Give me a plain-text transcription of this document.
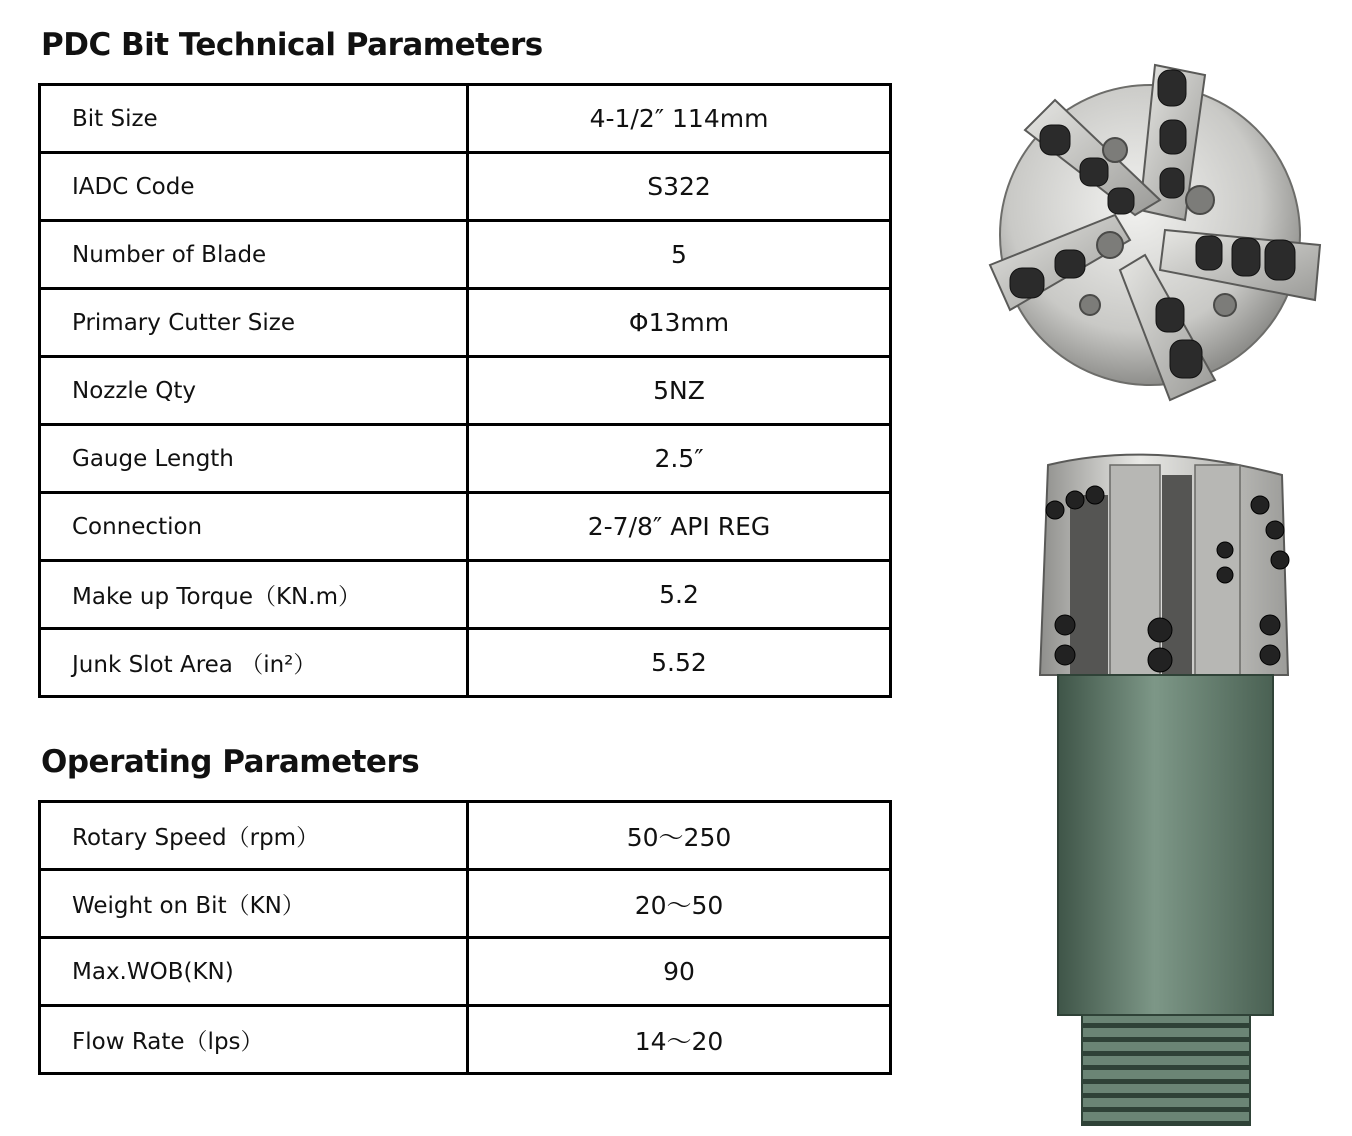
PDC Bit Technical Parameters
Bit Size	4-1/2″ 114mm
IADC Code	S322
Number of Blade	5
Primary Cutter Size	Φ13mm
Nozzle Qty	5NZ
Gauge Length	2.5″
Connection	2-7/8″ API REG
Make up Torque（KN.m）	5.2
Junk Slot Area （in²）	5.52
Operating Parameters
Rotary Speed（rpm）	50～250
Weight on Bit（KN）	20～50
Max.WOB(KN)	90
Flow Rate（lps）	14～20
